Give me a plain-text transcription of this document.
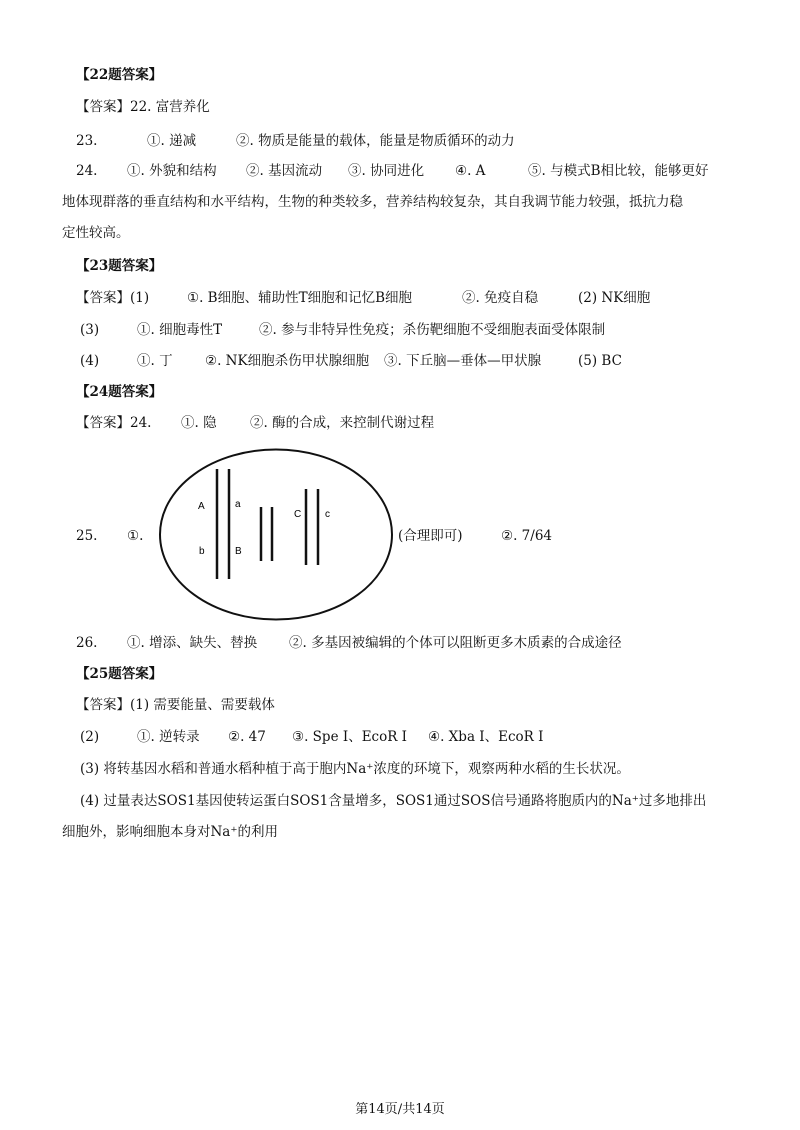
【22题答案】
【答案】22. 富营养化
23.	①. 递减	②. 物质是能量的载体，能量是物质循环的动力
24. ①. 外貌和结构 ②. 基因流动 ③. 协同进化 ④. A	⑤. 与模式B相比较，能够更好
地体现群落的垂直结构和水平结构，生物的种类较多，营养结构较复杂，其自我调节能力较强，抵抗力稳
定性较高。
【23题答案】
【答案】(1)	①. B细胞、辅助性T细胞和记忆B细胞	②. 免疫自稳	(2) NK细胞
(3)	①. 细胞毒性T	②. 参与非特异性免疫；杀伤靶细胞不受细胞表面受体限制
(4)	①. 丁 ②. NK细胞杀伤甲状腺细胞 ③. 下丘脑—垂体—甲状腺	(5) BC
【24题答案】
【答案】24. ①. 隐 ②. 酶的合成，来控制代谢过程
25. ①.
A
b
a
B
C c
(合理即可)	②. 7/64
26. ①. 增添、缺失、替换 ②. 多基因被编辑的个体可以阻断更多木质素的合成途径
【25题答案】
【答案】(1) 需要能量、需要载体
(2)	①. 逆转录 ②. 47 ③. Spe I、EcoR I ④. Xba I、EcoR I
(3) 将转基因水稻和普通水稻种植于高于胞内Na⁺浓度的环境下，观察两种水稻的生长状况。
(4) 过量表达SOS1基因使转运蛋白SOS1含量增多，SOS1通过SOS信号通路将胞质内的Na⁺过多地排出
细胞外，影响细胞本身对Na⁺的利用
第14页/共14页
